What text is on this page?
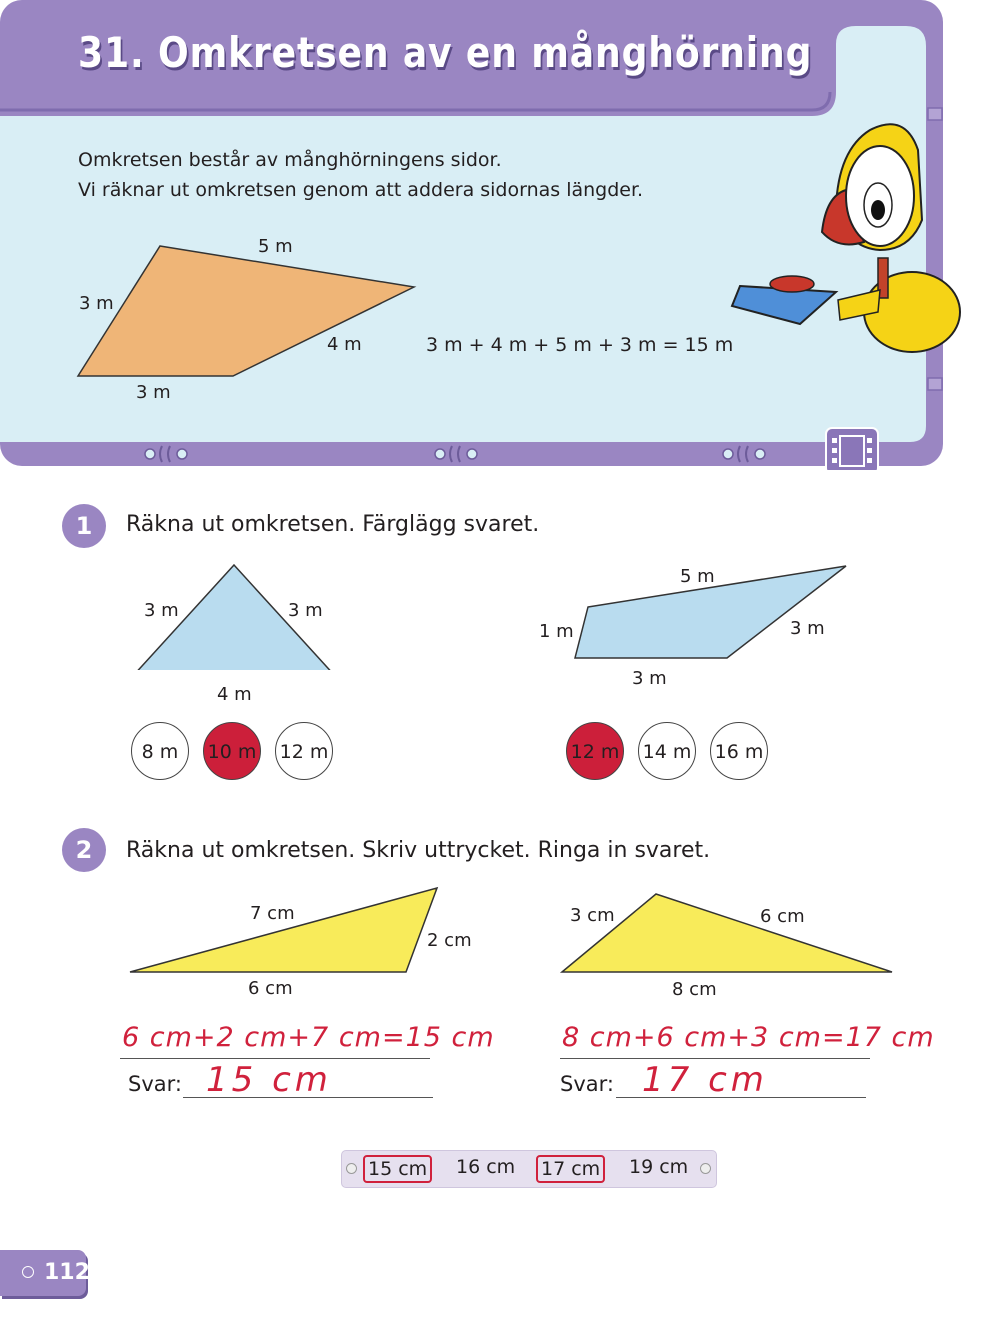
31. Omkretsen av en månghörning
Omkretsen består av månghörningens sidor.
Vi räknar ut omkretsen genom att addera sidornas längder.
5 m
3 m
4 m
3 m
3 m + 4 m + 5 m + 3 m = 15 m
1	Räkna ut omkretsen. Färglägg svaret.
3 m	3 m
4 m
5 m
1 m	3 m
3 m
8 m	10 m 12 m	12 m 14 m 16 m
2	Räkna ut omkretsen. Skriv uttrycket. Ringa in svaret.
7 cm
2 cm
6 cm
3 cm	6 cm
8 cm
6 cm+2 cm+7 cm=15 cm 8 cm+6 cm+3 cm=17 cm
Svar: 15 cm	Svar: 17 cm
15 cm 16 cm 17 cm 19 cm
112
